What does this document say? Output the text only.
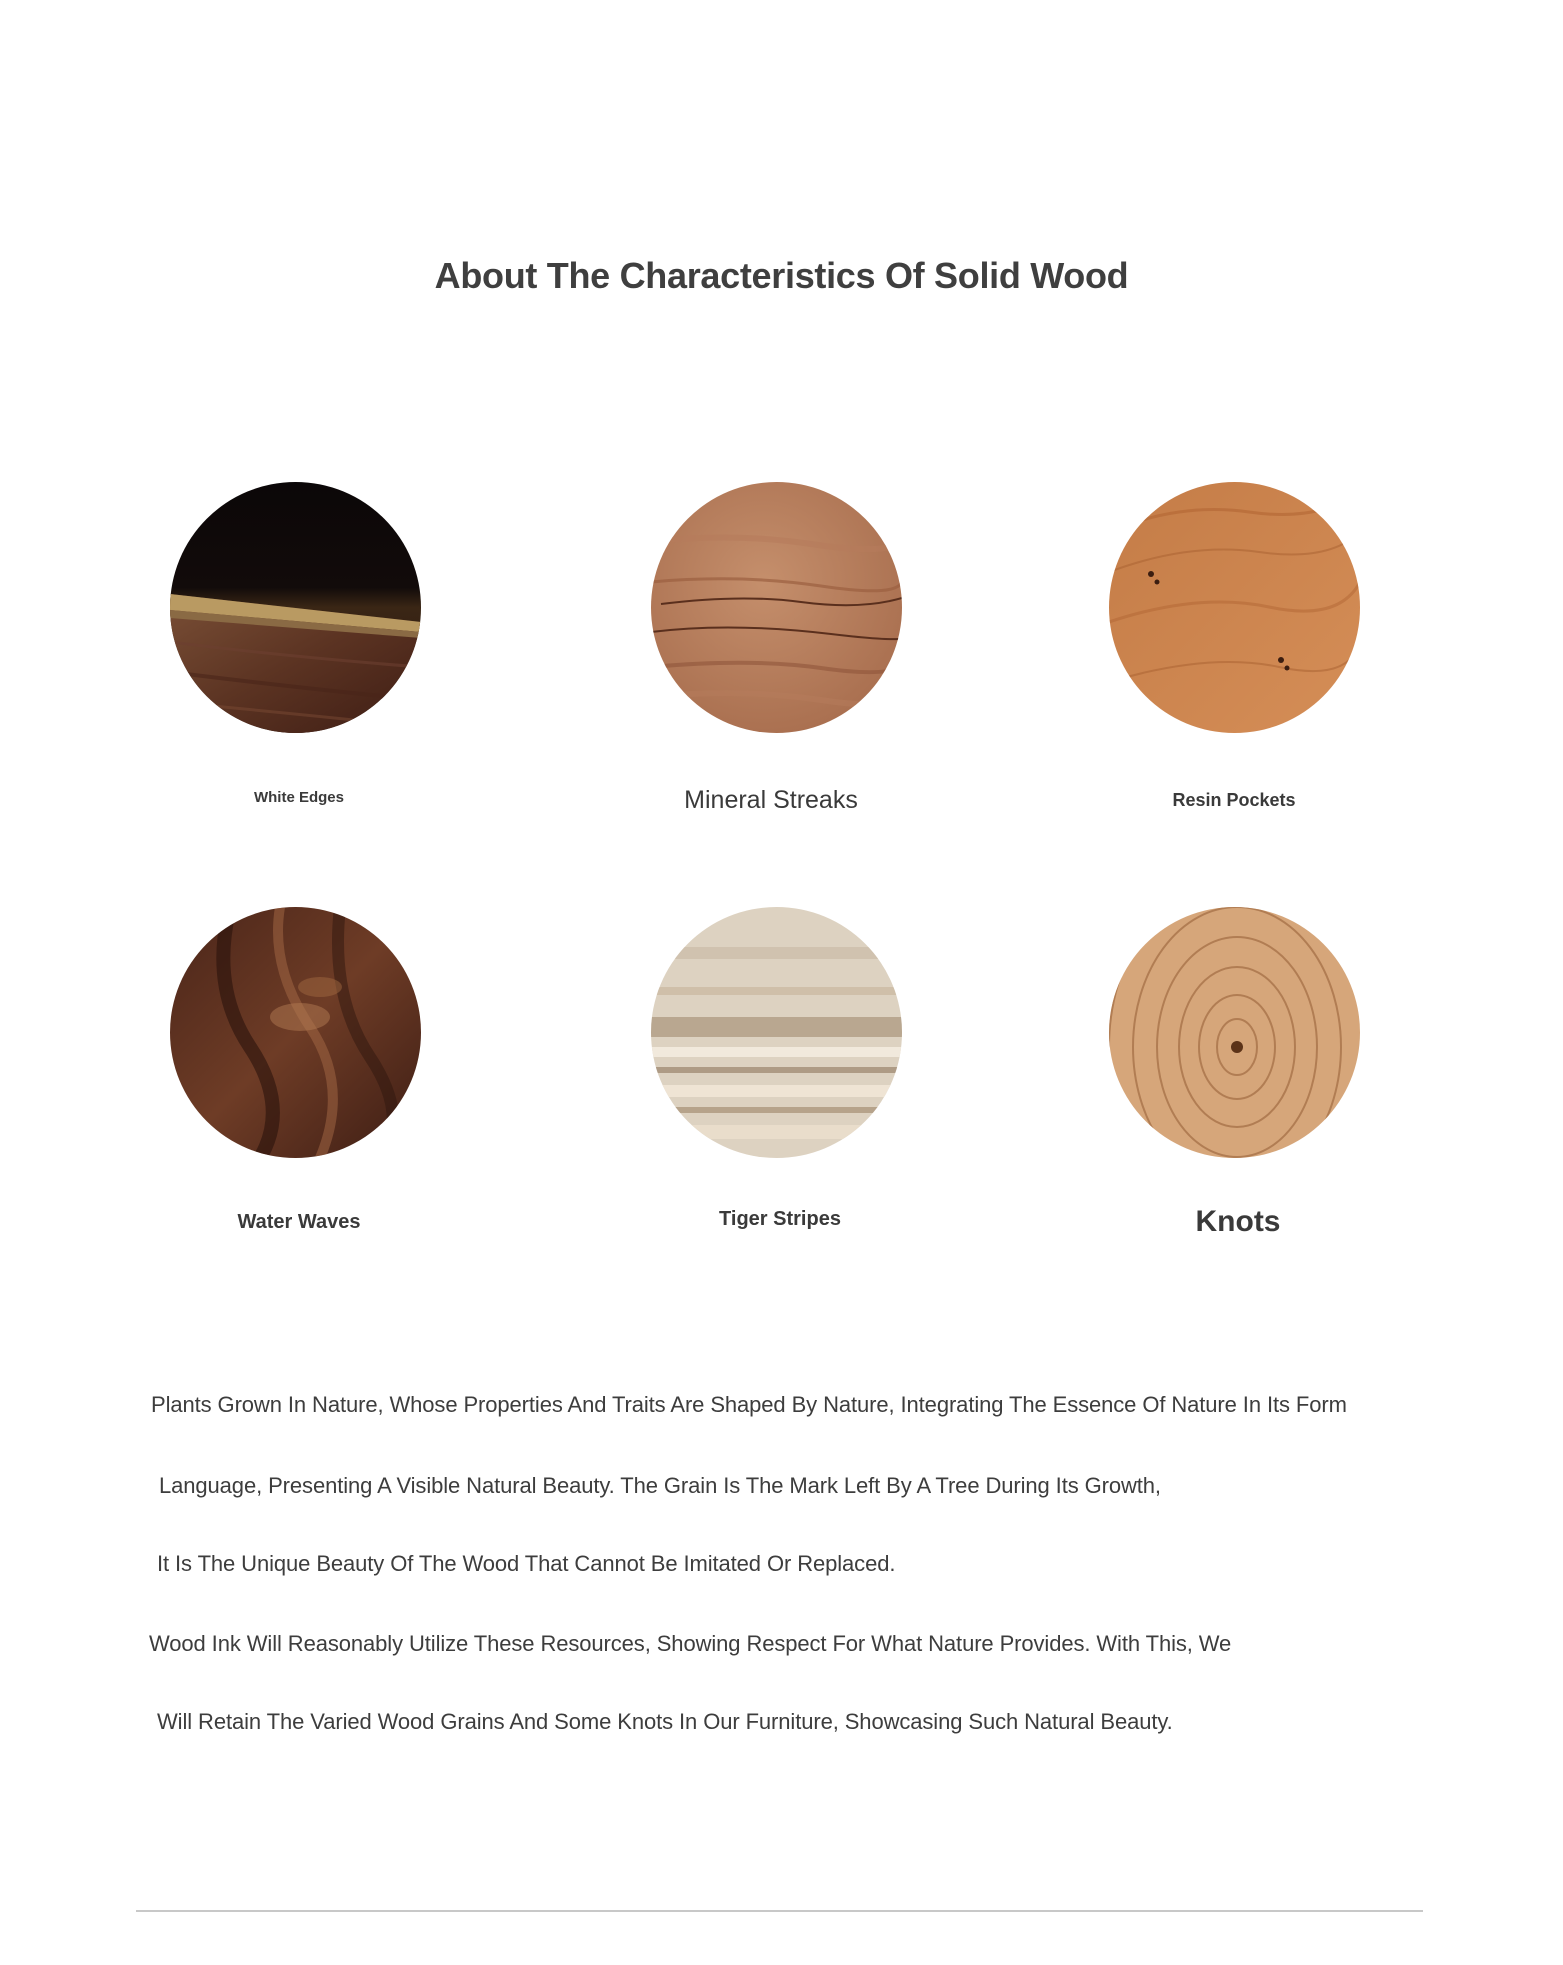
About The Characteristics Of Solid Wood
White Edges	Mineral Streaks	Resin Pockets
Water Waves	Tiger Stripes	Knots

Plants Grown In Nature, Whose Properties And Traits Are Shaped By Nature, Integrating The Essence Of Nature In Its Form

Language, Presenting A Visible Natural Beauty. The Grain Is The Mark Left By A Tree During Its Growth,

It Is The Unique Beauty Of The Wood That Cannot Be Imitated Or Replaced.

Wood Ink Will Reasonably Utilize These Resources, Showing Respect For What Nature Provides. With This, We

Will Retain The Varied Wood Grains And Some Knots In Our Furniture, Showcasing Such Natural Beauty.
